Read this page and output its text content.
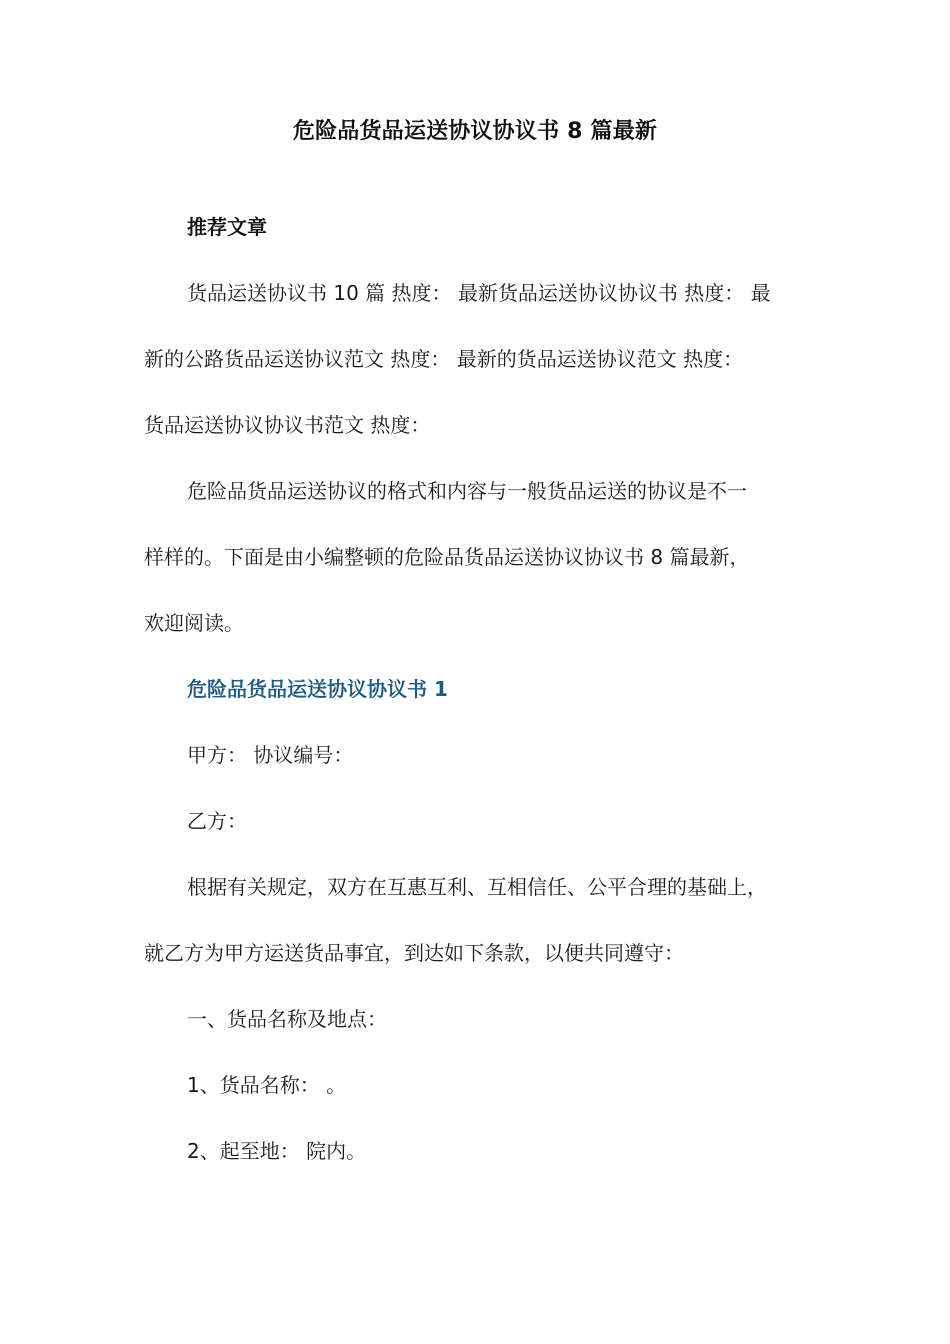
危险品货品运送协议协议书 8 篇最新
推荐文章
货品运送协议书 10 篇 热度： 最新货品运送协议协议书 热度： 最
新的公路货品运送协议范文 热度： 最新的货品运送协议范文 热度：
货品运送协议协议书范文 热度：
危险品货品运送协议的格式和内容与一般货品运送的协议是不一
样样的。下面是由小编整顿的危险品货品运送协议协议书 8 篇最新，
欢迎阅读。
危险品货品运送协议协议书 1
甲方： 协议编号：
乙方：
根据有关规定，双方在互惠互利、互相信任、公平合理的基础上，
就乙方为甲方运送货品事宜，到达如下条款，以便共同遵守：
一、货品名称及地点：
1、货品名称： 。
2、起至地： 院内。
